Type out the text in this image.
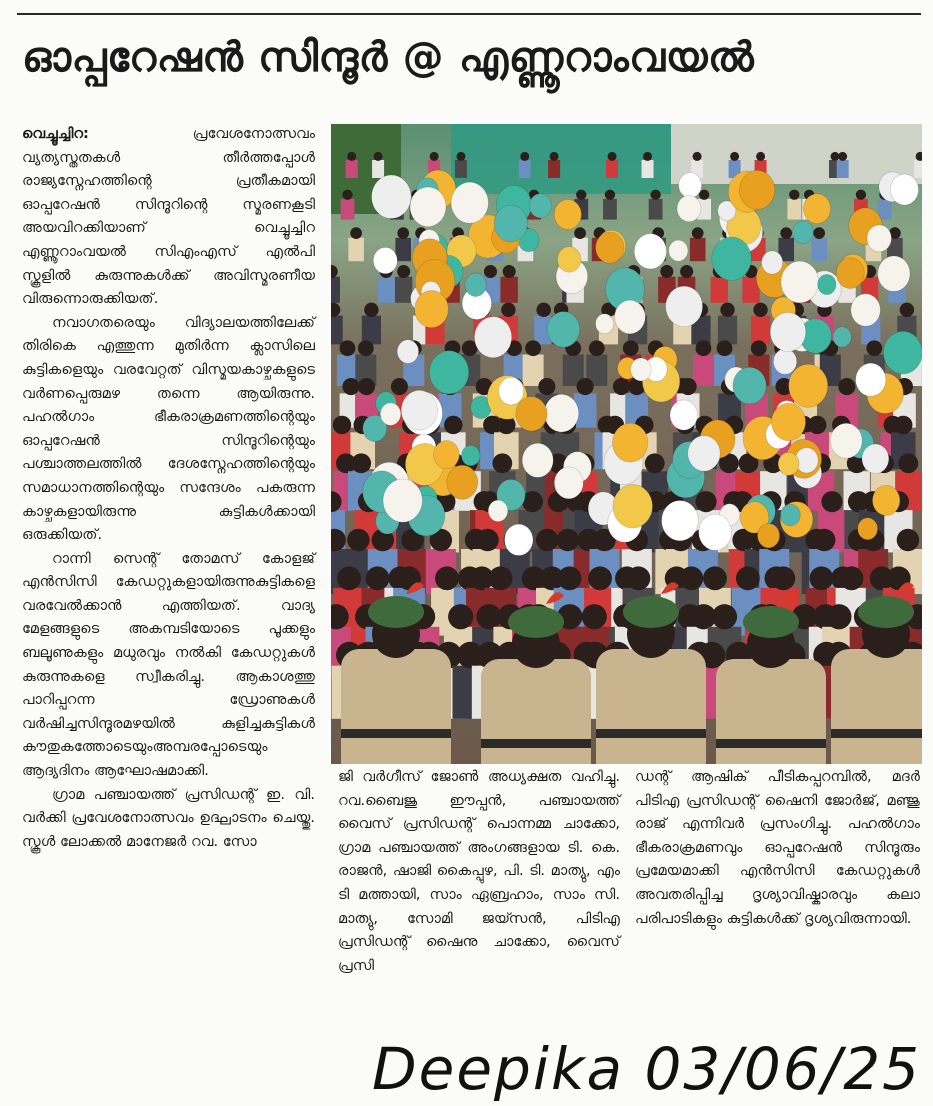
ഓപ്പറേഷൻ സിന്ദൂർ @ എണ്ണൂറാംവയൽ

വെച്ചൂച്ചിറ:	പ്രവേശനോത്സവം വ്യത്യസ്തതകൾ തീർത്തപ്പോൾ രാജ്യസ്നേഹത്തിന്റെ പ്രതീകമായി ഓപ്പറേഷൻ സിന്ദൂറിന്റെ സ്മരണകൂടി അയവിറക്കിയാണ് വെച്ചൂച്ചിറ എണ്ണൂറാംവയൽ സിഎംഎസ് എൽപി സ്കൂളിൽ കുരുന്നുകൾക്ക് അവിസ്മരണീയ വിരുന്നൊരുക്കിയത്.

നവാഗതരെയും വിദ്യാലയത്തിലേക്ക് തിരികെ എത്തുന്ന മുതിർന്ന ക്ലാസിലെ കുട്ടികളെയും വരവേറ്റത് വിസ്മയകാഴ്ചകളുടെ വർണപ്പെരുമഴ തന്നെ ആയിരുന്നു. പഹൽഗാം ഭീകരാക്രമണത്തിന്റെയും ഓപ്പറേഷൻ സിന്ദൂറിന്റെയും പശ്ചാത്തലത്തിൽ ദേശസ്നേഹത്തിന്റെയും സമാധാനത്തിന്റെയും സന്ദേശം പകരുന്ന കാഴ്ചകളായിരുന്നു കുട്ടികൾക്കായി ഒരുക്കിയത്.

റാന്നി സെന്റ് തോമസ് കോളജ് എൻസിസി കേഡറ്റുകളായിരുന്നുകുട്ടികളെ വരവേൽക്കാൻ എത്തിയത്. വാദ്യ മേളങ്ങളുടെ അകമ്പടിയോടെ പൂക്കളും ബലൂണുകളും മധുരവും നൽകി കേഡറ്റുകൾ കുരുന്നുകളെ സ്വീകരിച്ചു. ആകാശത്തു പാറിപ്പറന്ന ഡ്രോണുകൾ വർഷിച്ചസിന്ദൂരമഴയിൽ കുളിച്ചകുട്ടികൾ കൗതുകത്തോടെയുംഅമ്പരപ്പോടെയും ആദ്യദിനം ആഘോഷമാക്കി.

ഗ്രാമ പഞ്ചായത്ത് പ്രസിഡന്റ് ഇ. വി. വർക്കി പ്രവേശനോത്സവം ഉദ്ഘാടനം ചെയ്തു. സ്കൂൾ ലോക്കൽ മാനേജർ റവ. സോ

ജി വർഗീസ് ജോൺ അധ്യക്ഷത വഹിച്ചു. റവ.ബൈജു ഈപ്പൻ, പഞ്ചായത്ത് വൈസ് പ്രസിഡന്റ് പൊന്നമ്മ ചാക്കോ, ഗ്രാമ പഞ്ചായത്ത് അംഗങ്ങളായ ടി. കെ. രാജൻ, ഷാജി കൈപ്പുഴ, പി. ടി. മാത്യു, എം ടി മത്തായി, സാം ഏബ്രഹാം, സാം സി. മാത്യു, സോമി ജയ്സൻ, പിടിഎ പ്രസിഡന്റ് ഷൈനു ചാക്കോ, വൈസ് പ്രസി
ഡന്റ് ആഷിക് പീടികപ്പറമ്പിൽ, മദർ പിടിഎ പ്രസിഡന്റ് ഷൈനി ജോർജ്, മഞ്ജു രാജ് എന്നിവർ പ്രസംഗിച്ചു. പഹൽഗാം ഭീകരാക്രമണവും ഓപ്പറേഷൻ സിന്ദൂരും പ്രമേയമാക്കി എൻസിസി കേഡറ്റുകൾ അവതരിപ്പിച്ച ദൃശ്യാവിഷ്കാരവും കലാ പരിപാടികളും കുട്ടികൾക്ക് ദൃശ്യവിരുന്നായി.
Deepika 03/06/25
